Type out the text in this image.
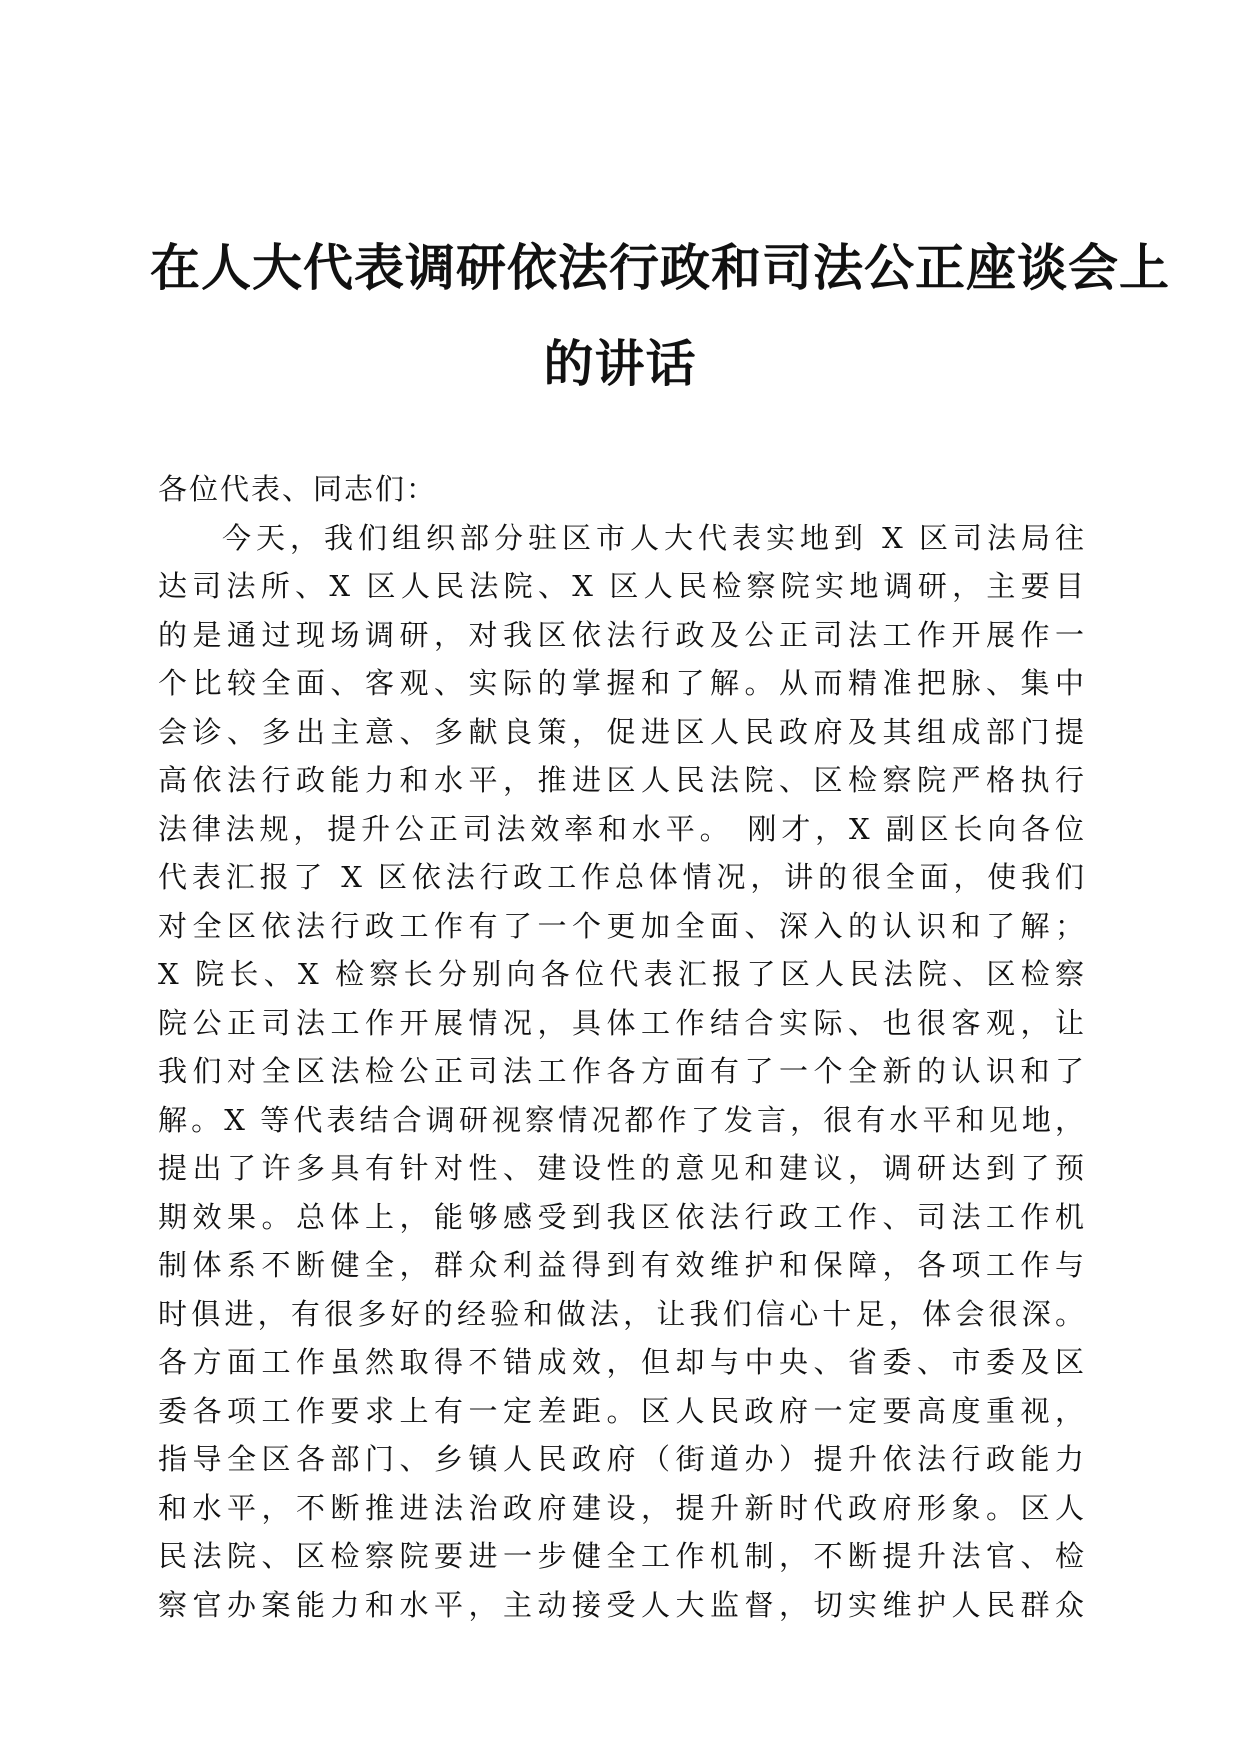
在人大代表调研依法行政和司法公正座谈会上
的讲话
各位代表、同志们：
今天，我们组织部分驻区市人大代表实地到 X 区司法局往
达司法所、X 区人民法院、X 区人民检察院实地调研，主要目
的是通过现场调研，对我区依法行政及公正司法工作开展作一
个比较全面、客观、实际的掌握和了解。从而精准把脉、集中
会诊、多出主意、多献良策，促进区人民政府及其组成部门提
高依法行政能力和水平，推进区人民法院、区检察院严格执行
法律法规，提升公正司法效率和水平。 刚才，X 副区长向各位
代表汇报了 X 区依法行政工作总体情况，讲的很全面，使我们
对全区依法行政工作有了一个更加全面、深入的认识和了解；
X 院长、X 检察长分别向各位代表汇报了区人民法院、区检察
院公正司法工作开展情况，具体工作结合实际、也很客观，让
我们对全区法检公正司法工作各方面有了一个全新的认识和了
解。X 等代表结合调研视察情况都作了发言，很有水平和见地，
提出了许多具有针对性、建设性的意见和建议，调研达到了预
期效果。总体上，能够感受到我区依法行政工作、司法工作机
制体系不断健全，群众利益得到有效维护和保障，各项工作与
时俱进，有很多好的经验和做法，让我们信心十足，体会很深。
各方面工作虽然取得不错成效，但却与中央、省委、市委及区
委各项工作要求上有一定差距。区人民政府一定要高度重视，
指导全区各部门、乡镇人民政府（街道办）提升依法行政能力
和水平，不断推进法治政府建设，提升新时代政府形象。区人
民法院、区检察院要进一步健全工作机制，不断提升法官、检
察官办案能力和水平，主动接受人大监督，切实维护人民群众
